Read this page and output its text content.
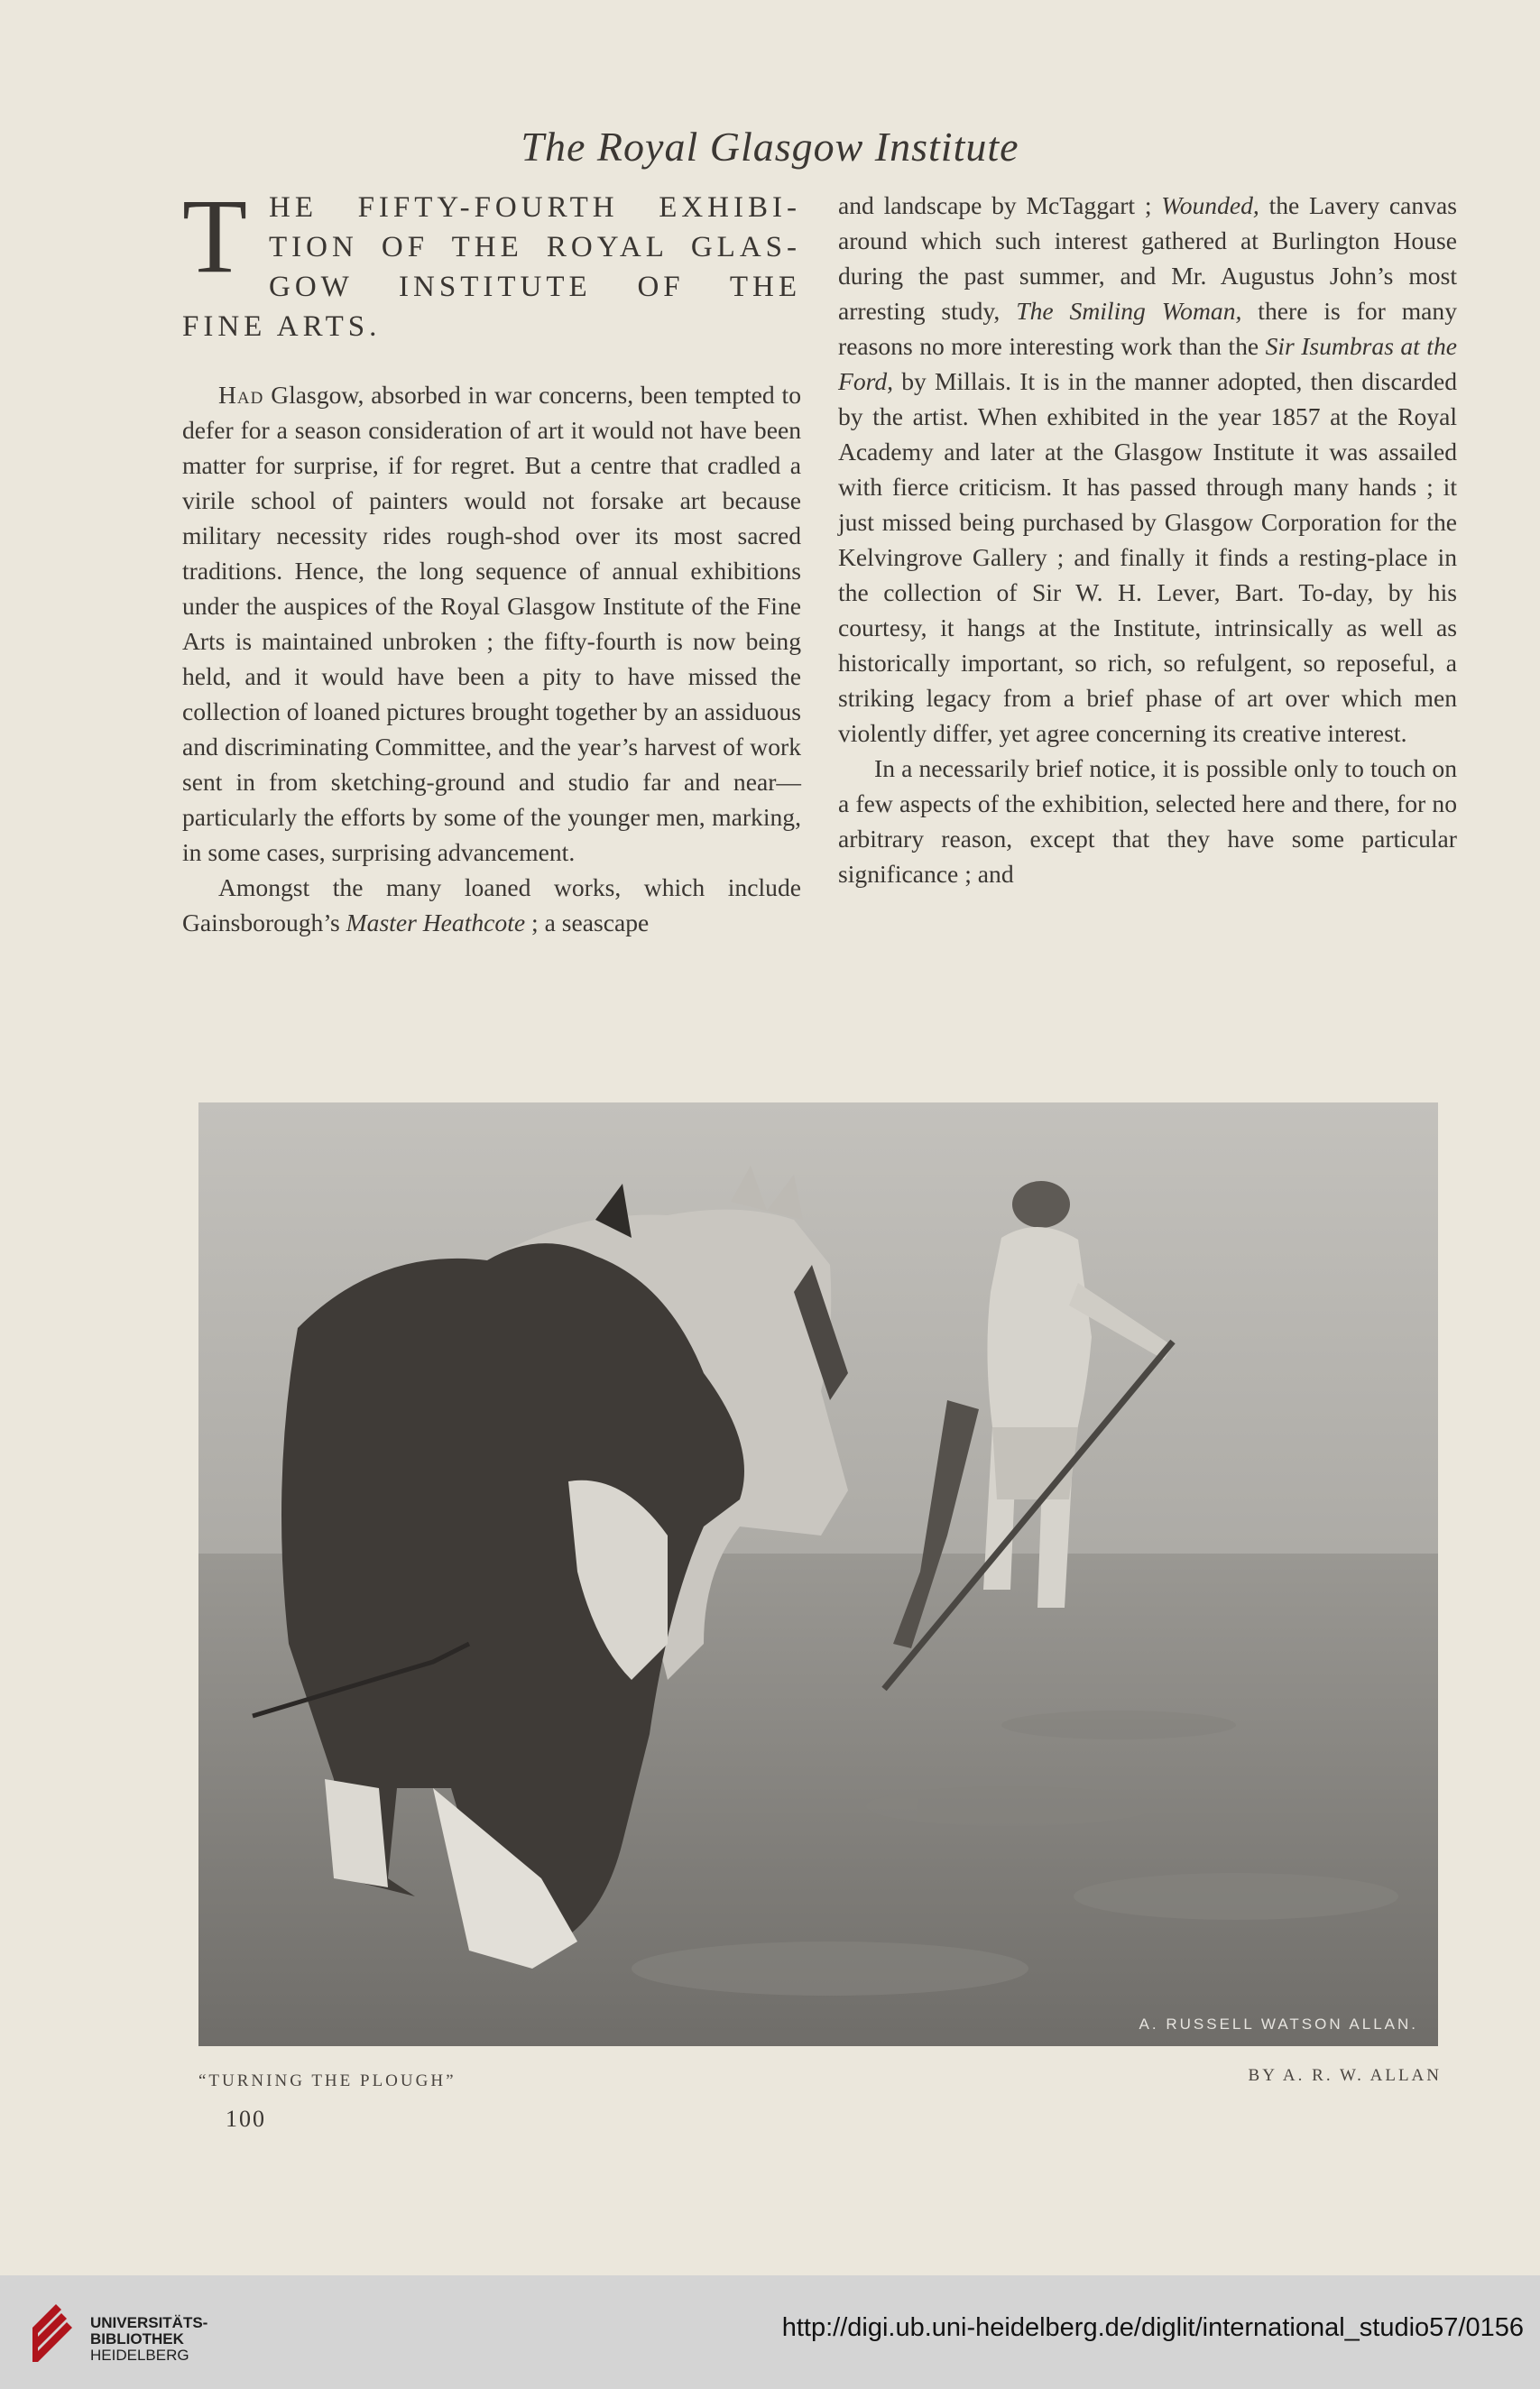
The Royal Glasgow Institute
T HE FIFTY-FOURTH EXHIBI-
TION OF THE ROYAL GLAS-
GOW INSTITUTE OF THE
FINE ARTS.

Had Glasgow, absorbed in war concerns, been tempted to defer for a season consideration of art it would not have been matter for surprise, if for regret. But a centre that cradled a virile school of painters would not forsake art because military necessity rides rough-shod over its most sacred traditions. Hence, the long sequence of annual exhibitions under the auspices of the Royal Glasgow Institute of the Fine Arts is maintained unbroken ; the fifty-fourth is now being held, and it would have been a pity to have missed the collection of loaned pictures brought together by an assiduous and discriminating Committee, and the year’s harvest of work sent in from sketching-ground and studio far and near—particularly the efforts by some of the younger men, marking, in some cases, surprising advancement.

Amongst the many loaned works, which include Gainsborough’s Master Heathcote ; a seascape

and landscape by McTaggart ; Wounded, the Lavery canvas around which such interest gathered at Burlington House during the past summer, and Mr. Augustus John’s most arresting study, The Smiling Woman, there is for many reasons no more interesting work than the Sir Isumbras at the Ford, by Millais. It is in the manner adopted, then discarded by the artist. When exhibited in the year 1857 at the Royal Academy and later at the Glasgow Institute it was assailed with fierce criticism. It has passed through many hands ; it just missed being purchased by Glasgow Corporation for the Kelvingrove Gallery ; and finally it finds a resting-place in the collection of Sir W. H. Lever, Bart. To-day, by his courtesy, it hangs at the Institute, intrinsically as well as historically important, so rich, so refulgent, so reposeful, a striking legacy from a brief phase of art over which men violently differ, yet agree concerning its creative interest.

In a necessarily brief notice, it is possible only to touch on a few aspects of the exhibition, selected here and there, for no arbitrary reason, except that they have some particular significance ; and

A. RUSSELL WATSON ALLAN.
“TURNING THE PLOUGH”	BY A. R. W. ALLAN
100
UNIVERSITÄTS-
BIBLIOTHEK
HEIDELBERG
http://digi.ub.uni-heidelberg.de/diglit/international_studio57/0156
